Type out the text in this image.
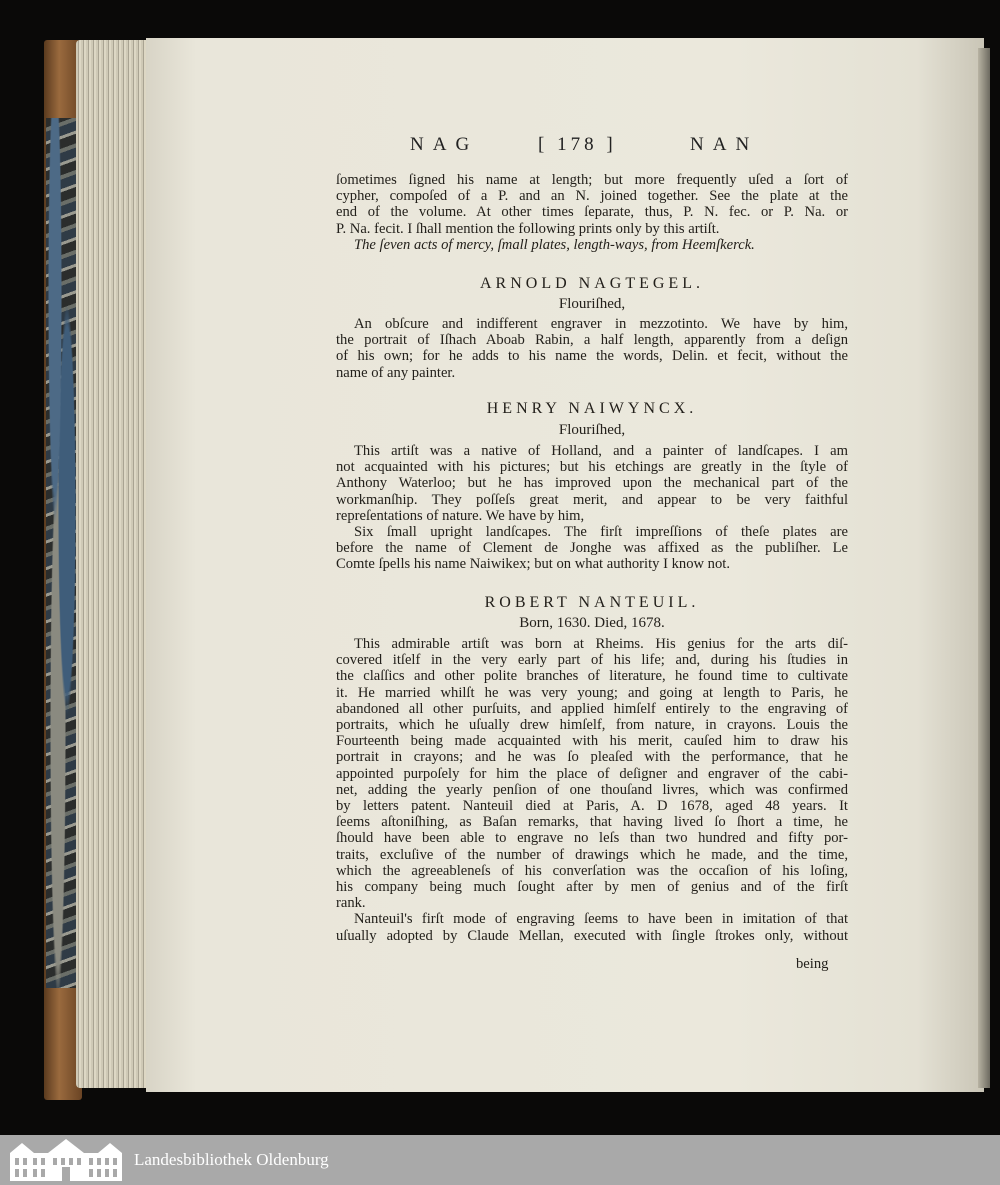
NAG	[ 178 ]	NAN
ſometimes ſigned his name at length; but more frequently uſed a ſort of
cypher, compoſed of a P. and an N. joined together. See the plate at the
end of the volume. At other times ſeparate, thus, P. N. fec. or P. Na. or
P. Na. fecit. I ſhall mention the following prints only by this artiſt.
The ſeven acts of mercy, ſmall plates, length-ways, from Heemſkerck.
ARNOLD NAGTEGEL.
Flouriſhed,
An obſcure and indifferent engraver in mezzotinto. We have by him,
the portrait of Iſhach Aboab Rabin, a half length, apparently from a deſign
of his own; for he adds to his name the words, Delin. et fecit, without the
name of any painter.
HENRY NAIWYNCX.
Flouriſhed,
This artiſt was a native of Holland, and a painter of landſcapes. I am
not acquainted with his pictures; but his etchings are greatly in the ſtyle of
Anthony Waterloo; but he has improved upon the mechanical part of the
workmanſhip. They poſſeſs great merit, and appear to be very faithful
repreſentations of nature. We have by him,
Six ſmall upright landſcapes. The firſt impreſſions of theſe plates are
before the name of Clement de Jonghe was affixed as the publiſher. Le
Comte ſpells his name Naiwikex; but on what authority I know not.
ROBERT NANTEUIL.
Born, 1630. Died, 1678.
This admirable artiſt was born at Rheims. His genius for the arts diſ-
covered itſelf in the very early part of his life; and, during his ſtudies in
the claſſics and other polite branches of literature, he found time to cultivate
it. He married whilſt he was very young; and going at length to Paris, he
abandoned all other purſuits, and applied himſelf entirely to the engraving of
portraits, which he uſually drew himſelf, from nature, in crayons. Louis the
Fourteenth being made acquainted with his merit, cauſed him to draw his
portrait in crayons; and he was ſo pleaſed with the performance, that he
appointed purpoſely for him the place of deſigner and engraver of the cabi-
net, adding the yearly penſion of one thouſand livres, which was confirmed
by letters patent. Nanteuil died at Paris, A. D 1678, aged 48 years. It
ſeems aſtoniſhing, as Baſan remarks, that having lived ſo ſhort a time, he
ſhould have been able to engrave no leſs than two hundred and fifty por-
traits, excluſive of the number of drawings which he made, and the time,
which the agreeableneſs of his converſation was the occaſion of his loſing,
his company being much ſought after by men of genius and of the firſt
rank.
Nanteuil's firſt mode of engraving ſeems to have been in imitation of that
uſually adopted by Claude Mellan, executed with ſingle ſtrokes only, without
being
Landesbibliothek Oldenburg
